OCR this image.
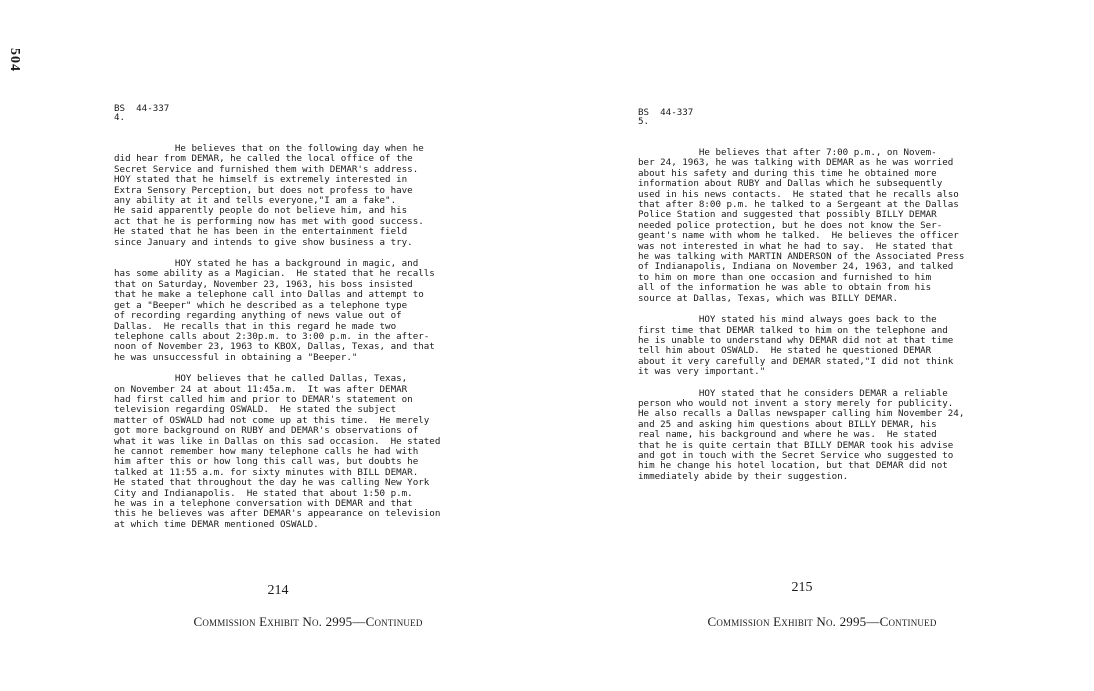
504
BS  44-337
4.

He believes that on the following day when he
did hear from DEMAR, he called the local office of the
Secret Service and furnished them with DEMAR's address.
HOY stated that he himself is extremely interested in
Extra Sensory Perception, but does not profess to have
any ability at it and tells everyone,"I am a fake".
He said apparently people do not believe him, and his
act that he is performing now has met with good success.
He stated that he has been in the entertainment field
since January and intends to give show business a try.

HOY stated he has a background in magic, and
has some ability as a Magician.  He stated that he recalls
that on Saturday, November 23, 1963, his boss insisted
that he make a telephone call into Dallas and attempt to
get a "Beeper" which he described as a telephone type
of recording regarding anything of news value out of
Dallas.  He recalls that in this regard he made two
telephone calls about 2:30p.m. to 3:00 p.m. in the after-
noon of November 23, 1963 to KBOX, Dallas, Texas, and that
he was unsuccessful in obtaining a "Beeper."

HOY believes that he called Dallas, Texas,
on November 24 at about 11:45a.m.  It was after DEMAR
had first called him and prior to DEMAR's statement on
television regarding OSWALD.  He stated the subject
matter of OSWALD had not come up at this time.  He merely
got more background on RUBY and DEMAR's observations of
what it was like in Dallas on this sad occasion.  He stated
he cannot remember how many telephone calls he had with
him after this or how long this call was, but doubts he
talked at 11:55 a.m. for sixty minutes with BILL DEMAR.
He stated that throughout the day he was calling New York
City and Indianapolis.  He stated that about 1:50 p.m.
he was in a telephone conversation with DEMAR and that
this he believes was after DEMAR's appearance on television
at which time DEMAR mentioned OSWALD.

BS  44-337
5.

He believes that after 7:00 p.m., on Novem-
ber 24, 1963, he was talking with DEMAR as he was worried
about his safety and during this time he obtained more
information about RUBY and Dallas which he subsequently
used in his news contacts.  He stated that he recalls also
that after 8:00 p.m. he talked to a Sergeant at the Dallas
Police Station and suggested that possibly BILLY DEMAR
needed police protection, but he does not know the Ser-
geant's name with whom he talked.  He believes the officer
was not interested in what he had to say.  He stated that
he was talking with MARTIN ANDERSON of the Associated Press
of Indianapolis, Indiana on November 24, 1963, and talked
to him on more than one occasion and furnished to him
all of the information he was able to obtain from his
source at Dallas, Texas, which was BILLY DEMAR.

HOY stated his mind always goes back to the
first time that DEMAR talked to him on the telephone and
he is unable to understand why DEMAR did not at that time
tell him about OSWALD.  He stated he questioned DEMAR
about it very carefully and DEMAR stated,"I did not think
it was very important."

HOY stated that he considers DEMAR a reliable
person who would not invent a story merely for publicity.
He also recalls a Dallas newspaper calling him November 24,
and 25 and asking him questions about BILLY DEMAR, his
real name, his background and where he was.  He stated
that he is quite certain that BILLY DEMAR took his advise
and got in touch with the Secret Service who suggested to
him he change his hotel location, but that DEMAR did not
immediately abide by their suggestion.

214
Commission Exhibit No. 2995—Continued
215
Commission Exhibit No. 2995—Continued
